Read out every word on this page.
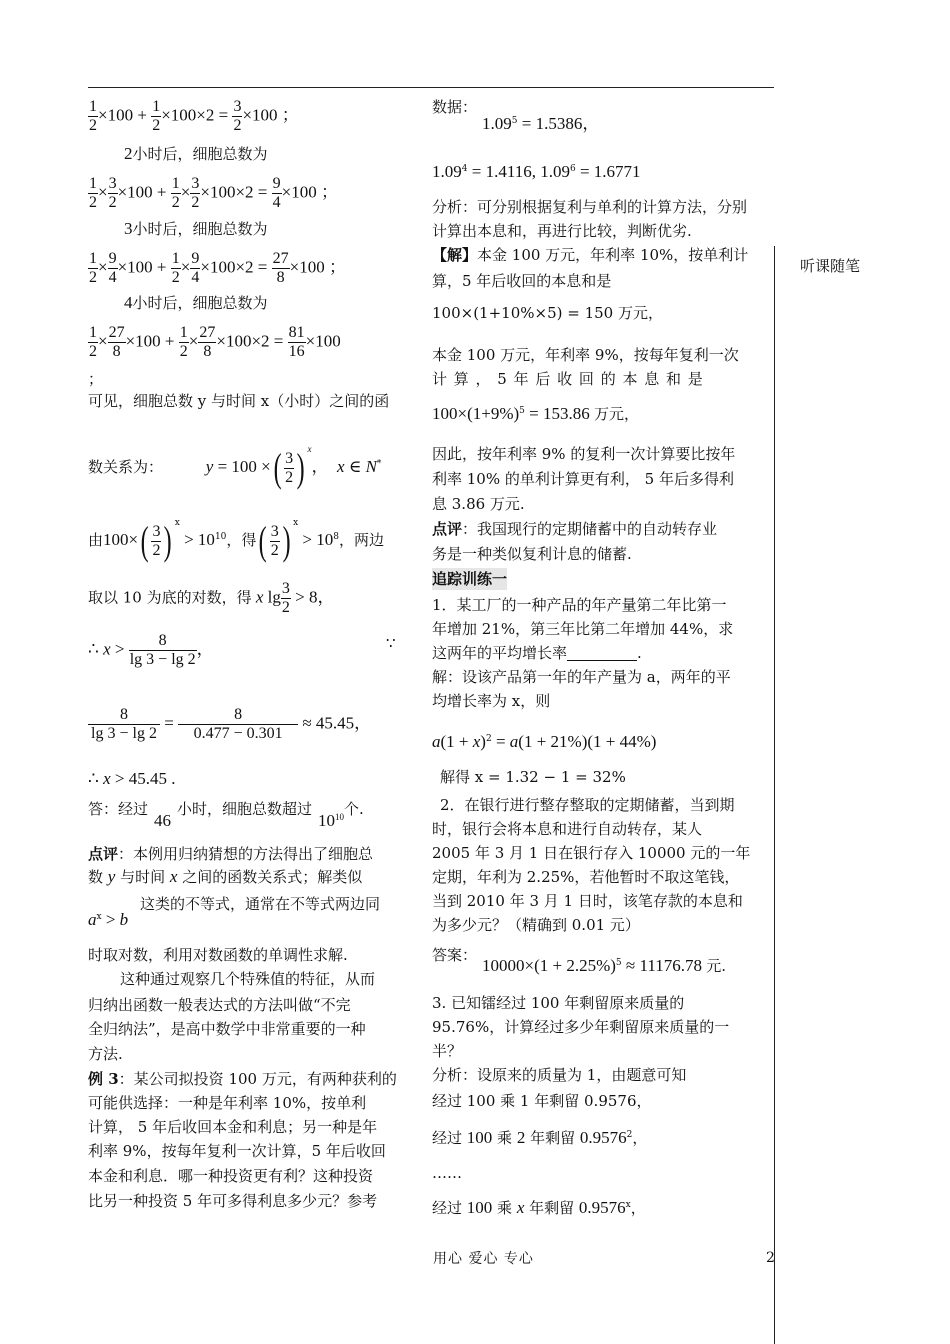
听课随笔
$\frac{1}{2} \times 100 + \frac{1}{2} \times 100\times 2 = \frac{3}{2} \times 100$ ；
2小时后，细胞总数为
$\frac{1}{2} \times \frac{3}{2} \times 100 + \frac{1}{2} \times \frac{3}{2} \times 100\times 2 = \frac{9}{4} \times 100$ ；
3小时后，细胞总数为
$\frac{1}{2} \times \frac{9}{4} \times 100 + \frac{1}{2} \times \frac{9}{4} \times 100\times 2 = \frac{27}{8} \times 100$ ；
4小时后，细胞总数为
$\frac{1}{2} \times \frac{27}{8} \times 100 + \frac{1}{2} \times \frac{27}{8} \times 100\times 2 = \frac{81}{16} \times 100$
；
可见，细胞总数 y 与时间 x（小时）之间的函
数关系为：	y = 100 ×( $\frac{3}{2}$ ) $^x$，  x ∈ N*
由$100\times( \frac{3}{2}$ ) $^x > 10^{10}$，得( $\frac{3}{2}$ ) $^x > 10^8$，两边
取以 10 为底的对数，得 x $\lg \frac{3}{2} > 8$，
∴ $x > \frac{8}{\lg 3 - \lg 2}$ ，	∵
$\frac{8}{\lg 3 - \lg 2} = \frac{8}{0.477 - 0.301} \approx 45.45$，
∴ x > 45.45 .
答：经过46小时，细胞总数超过$10^{10}$个.
点评：本例用归纳猜想的方法得出了细胞总
数 y 与时间 x 之间的函数关系式；解类似
这类的不等式，通常在不等式两边同
$a^x > b$
时取对数，利用对数函数的单调性求解.
这种通过观察几个特殊值的特征，从而
归纳出函数一般表达式的方法叫做“不完
全归纳法”，是高中数学中非常重要的一种
方法.
例 3：某公司拟投资 100 万元，有两种获利的
可能供选择：一种是年利率 10%，按单利
计算， 5 年后收回本金和利息；另一种是年
利率 9%，按每年复利一次计算，5 年后收回
本金和利息．哪一种投资更有利？这种投资
比另一种投资 5 年可多得利息多少元？参考
数据：
$1.09^5 = 1.5386$，
$1.09^4 = 1.4116$, $1.09^6 = 1.6771$
分析：可分别根据复利与单利的计算方法，分别
计算出本息和，再进行比较，判断优劣.
【解】本金 100 万元，年利率 10%，按单利计
算，5 年后收回的本息和是
100×(1+10%×5) = 150 万元，
本金 100 万元，年利率 9%，按每年复利一次
计 算 ， 5 年 后 收 回 的 本 息 和 是
$100\times(1+9\%)^5 = 153.86$ 万元，
因此，按年利率 9% 的复利一次计算要比按年
利率 10% 的单利计算更有利， 5 年后多得利
息 3.86 万元.
点评：我国现行的定期储蓄中的自动转存业
务是一种类似复利计息的储蓄.
追踪训练一
1．某工厂的一种产品的年产量第二年比第一
年增加 21%，第三年比第二年增加 44%，求
这两年的平均增长率	.
解：设该产品第一年的年产量为 a，两年的平
均增长率为 x，则
$a(1 + x)^2 = a(1 + 21\%)(1 + 44\%)$
解得 x = 1.32 − 1 = 32%
2．在银行进行整存整取的定期储蓄，当到期
时，银行会将本息和进行自动转存，某人
2005 年 3 月 1 日在银行存入 10000 元的一年
定期，年利为 2.25%，若他暂时不取这笔钱，
当到 2010 年 3 月 1 日时，该笔存款的本息和
为多少元？（精确到 0.01 元）
答案：
$10000\times(1 + 2.25\%)^5 \approx 11176.78$ 元.
3. 已知镭经过 100 年剩留原来质量的
95.76%，计算经过多少年剩留原来质量的一
半？
分析：设原来的质量为 1，由题意可知
经过 100 乘 1 年剩留 0.9576，
经过 100 乘 2 年剩留 0.9576$^2$，
……
经过 100 乘 x 年剩留 0.9576$^x$，
用心 爱心 专心	2
